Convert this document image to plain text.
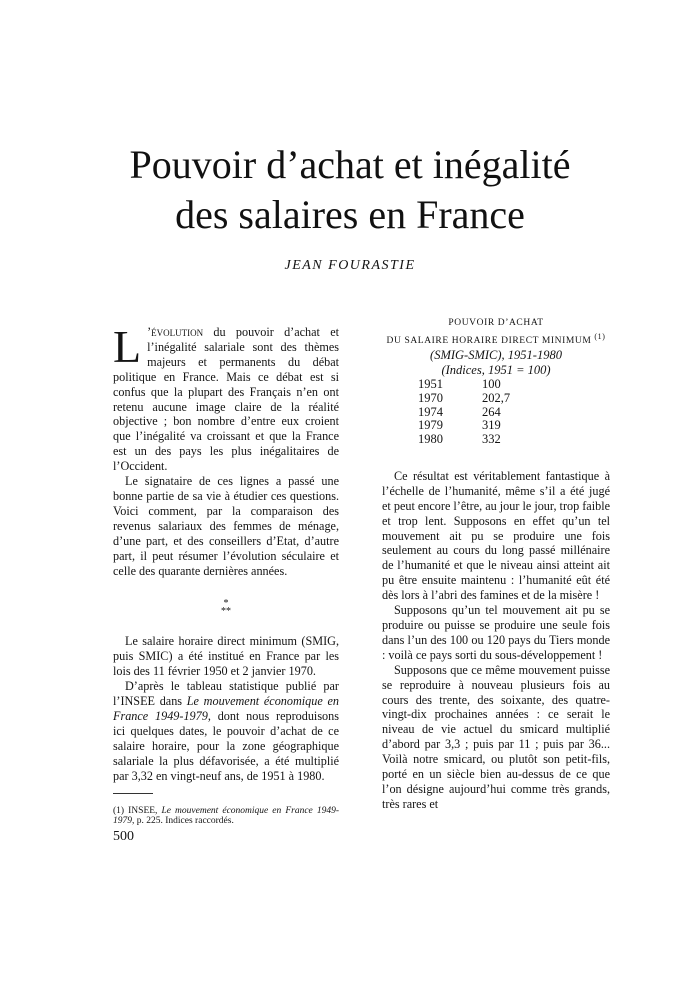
Pouvoir d’achat et inégalité
des salaires en France

JEAN FOURASTIE

L ’évolution du pouvoir d’achat et l’inégalité salariale sont des thèmes majeurs et permanents du débat politique en France. Mais ce débat est si confus que la plupart des Français n’en ont retenu aucune image claire de la réalité objective ; bon nombre d’entre eux croient que l’inégalité va croissant et que la France est un des pays les plus inégalitaires de l’Occident.

Le signataire de ces lignes a passé une bonne partie de sa vie à étudier ces questions. Voici comment, par la comparaison des revenus salariaux des femmes de ménage, d’une part, et des conseillers d’Etat, d’autre part, il peut résumer l’évolution séculaire et celle des quarante dernières années.

*
**

Le salaire horaire direct minimum (SMIG, puis SMIC) a été institué en France par les lois des 11 février 1950 et 2 janvier 1970.

D’après le tableau statistique publié par l’INSEE dans Le mouvement économique en France 1949-1979, dont nous reproduisons ici quelques dates, le pouvoir d’achat de ce salaire horaire, pour la zone géographique salariale la plus défavorisée, a été multiplié par 3,32 en vingt-neuf ans, de 1951 à 1980.

POUVOIR D’ACHAT
DU SALAIRE HORAIRE DIRECT MINIMUM $^{(1)}$

(SMIG-SMIC), 1951-1980

(Indices, 1951 = 100)

1951	100
1970	202,7
1974	264
1979	319
1980	332

Ce résultat est véritablement fantastique à l’échelle de l’humanité, même s’il a été jugé et peut encore l’être, au jour le jour, trop faible et trop lent. Supposons en effet qu’un tel mouvement ait pu se produire une fois seulement au cours du long passé millénaire de l’humanité et que le niveau ainsi atteint ait pu être ensuite maintenu : l’humanité eût été dès lors à l’abri des famines et de la misère !

Supposons qu’un tel mouvement ait pu se produire ou puisse se produire une seule fois dans l’un des 100 ou 120 pays du Tiers monde : voilà ce pays sorti du sous-développement !

Supposons que ce même mouvement puisse se reproduire à nouveau plusieurs fois au cours des trente, des soixante, des quatre-vingt-dix prochaines années : ce serait le niveau de vie actuel du smicard multiplié d’abord par 3,3 ; puis par 11 ; puis par 36... Voilà notre smicard, ou plutôt son petit-fils, porté en un siècle bien au-dessus de ce que l’on désigne aujourd’hui comme très grands, très rares et

(1) INSEE, Le mouvement économique en France 1949-1979, p. 225. Indices raccordés.

500
